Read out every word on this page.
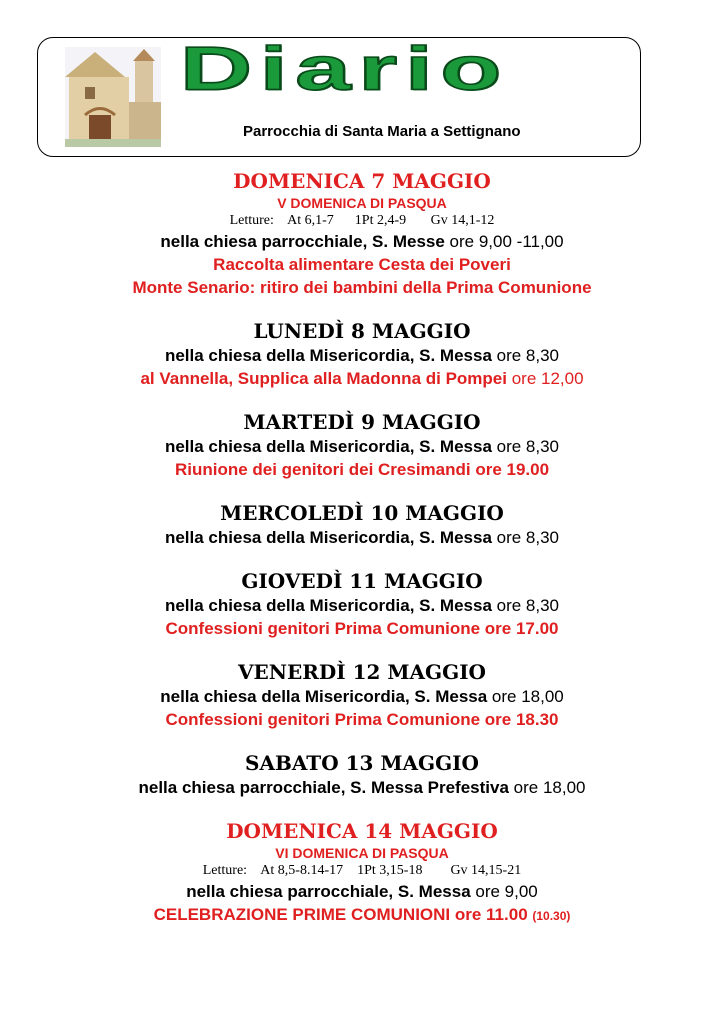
Diario
Parrocchia di Santa Maria a Settignano

DOMENICA 7 MAGGIO

V DOMENICA DI PASQUA

Letture:    At 6,1-7      1Pt 2,4-9       Gv 14,1-12

nella chiesa parrocchiale, S. Messe ore 9,00 -11,00

Raccolta alimentare Cesta dei Poveri

Monte Senario: ritiro dei bambini della Prima Comunione

LUNEDÌ 8 MAGGIO

nella chiesa della Misericordia, S. Messa ore 8,30

al Vannella, Supplica alla Madonna di Pompei ore 12,00

MARTEDÌ 9 MAGGIO

nella chiesa della Misericordia, S. Messa ore 8,30

Riunione dei genitori dei Cresimandi ore 19.00

MERCOLEDÌ 10 MAGGIO

nella chiesa della Misericordia, S. Messa ore 8,30

GIOVEDÌ 11 MAGGIO

nella chiesa della Misericordia, S. Messa ore 8,30

Confessioni genitori Prima Comunione ore 17.00

VENERDÌ 12 MAGGIO

nella chiesa della Misericordia, S. Messa ore 18,00

Confessioni genitori Prima Comunione ore 18.30

SABATO 13 MAGGIO

nella chiesa parrocchiale, S. Messa Prefestiva ore 18,00

DOMENICA 14 MAGGIO

VI DOMENICA DI PASQUA

Letture:    At 8,5-8.14-17    1Pt 3,15-18        Gv 14,15-21

nella chiesa parrocchiale, S. Messa ore 9,00

CELEBRAZIONE PRIME COMUNIONI ore 11.00 (10.30)
